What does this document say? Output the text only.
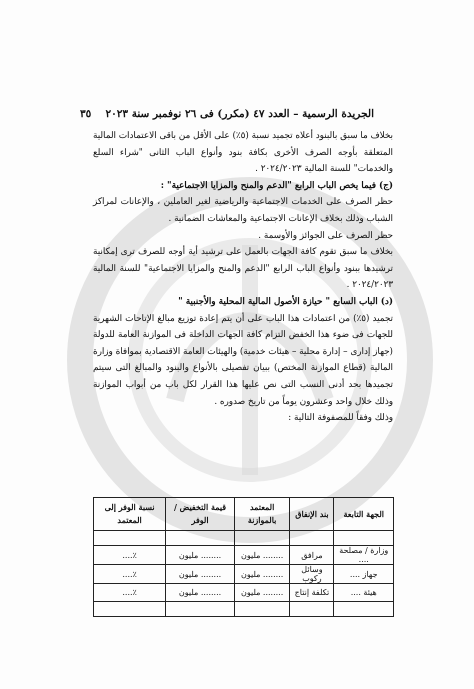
الجريدة الرسمية – العدد ٤٧ (مكرر) فى ٢٦ نوفمبر سنة ٢٠٢٣
٣٥

بخلاف ما سبق بالبنود أعلاه تجميد نسبة (٥٪) على الأقل من باقى الاعتمادات المالية المتعلقة بأوجه الصرف الأخرى بكافة بنود وأنواع الباب الثانى "شراء السلع والخدمات" للسنة المالية ٢٠٢٤/٢٠٢٣ .

(ج) فيما يخص الباب الرابع "الدعم والمنح والمزايا الاجتماعية" :

حظر الصرف على الخدمات الاجتماعية والرياضية لغير العاملين ، والإعانات لمراكز الشباب وذلك بخلاف الإعانات الاجتماعية والمعاشات الضمانية .

حظر الصرف على الجوائز والأوسمة .

بخلاف ما سبق تقوم كافة الجهات بالعمل على ترشيد أية أوجه للصرف ترى إمكانية ترشيدها ببنود وأنواع الباب الرابع "الدعم والمنح والمزايا الاجتماعية" للسنة المالية ٢٠٢٤/٢٠٢٣ .

(د) الباب السابع " حيازة الأصول المالية المحلية والأجنبية "

تجميد (٥٪) من اعتمادات هذا الباب على أن يتم إعادة توزيع مبالغ الإتاحات الشهرية للجهات فى ضوء هذا الخفض التزام كافة الجهات الداخلة فى الموازنة العامة للدولة (جهاز إدارى – إدارة محلية – هيئات خدمية) والهيئات العامة الاقتصادية بموافاة وزارة المالية (قطاع الموازنة المختص) ببيان تفصيلى بالأنواع والبنود والمبالغ التى سيتم تجميدها بحد أدنى النسب التى نص عليها هذا القرار لكل باب من أبواب الموازنة وذلك خلال واحد وعشرون يوماً من تاريخ صدوره .

وذلك وفقاً للمصفوفة التالية :

الجهة التابعة	بند الإنفاق	المعتمد بالموازنة	قيمة التخفيض / الوفر	نسبة الوفر إلى المعتمد

وزارة / مصلحة ....	مرافق	........ مليون	........ مليون	٪....
جهاز ....	وسائل ركوب	........ مليون	........ مليون	٪....
هيئة ....	تكلفة إنتاج	........ مليون	........ مليون	٪....
